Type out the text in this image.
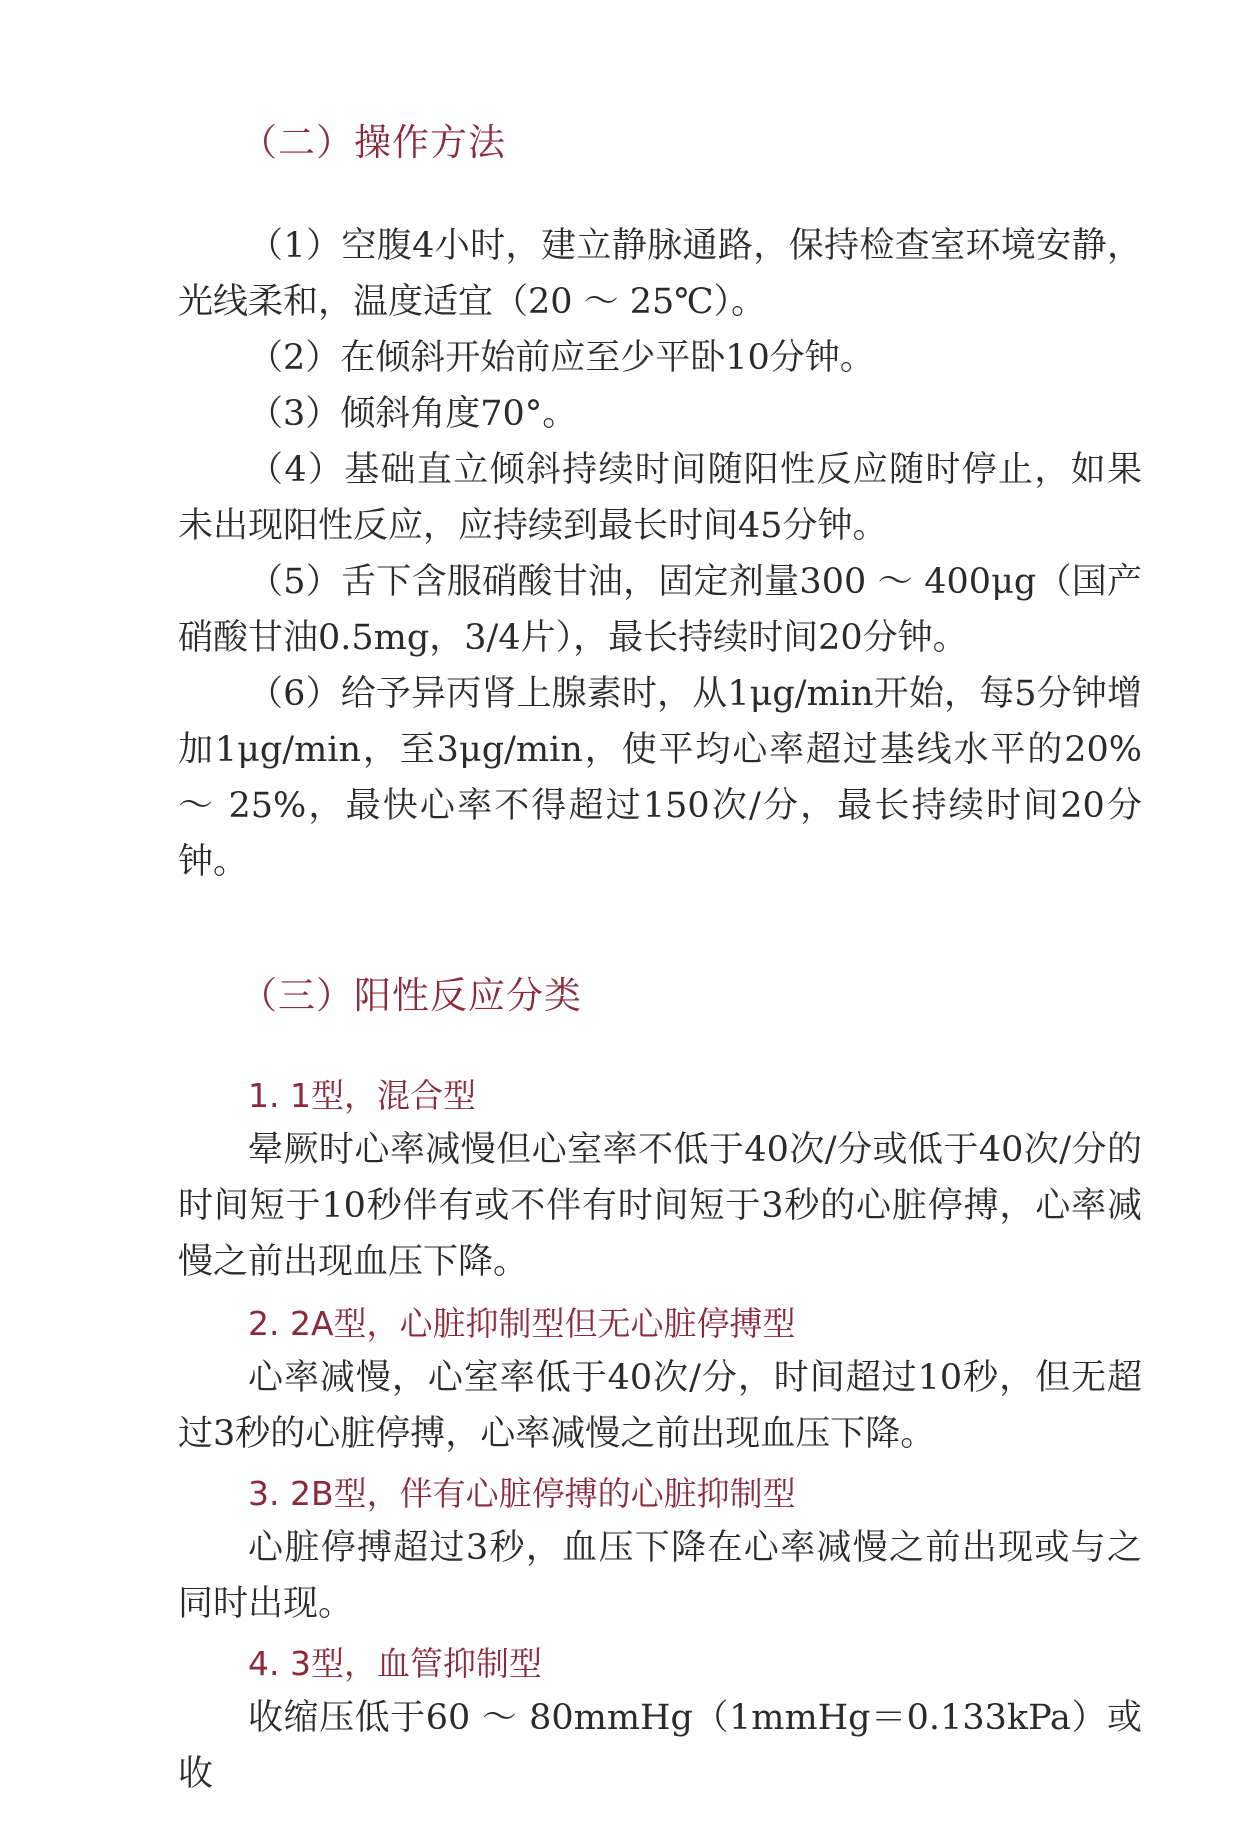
（二）操作方法

（1）空腹4小时，建立静脉通路，保持检查室环境安静，光线柔和，温度适宜（20 ～ 25℃）。

（2）在倾斜开始前应至少平卧10分钟。

（3）倾斜角度70°。

（4）基础直立倾斜持续时间随阳性反应随时停止，如果未出现阳性反应，应持续到最长时间45分钟。

（5）舌下含服硝酸甘油，固定剂量300 ～ 400μg（国产硝酸甘油0.5mg，3/4片），最长持续时间20分钟。

（6）给予异丙肾上腺素时，从1μg/min开始，每5分钟增加1μg/min，至3μg/min，使平均心率超过基线水平的20% ～ 25%，最快心率不得超过150次/分，最长持续时间20分钟。

（三）阳性反应分类
1. 1型，混合型

晕厥时心率减慢但心室率不低于40次/分或低于40次/分的时间短于10秒伴有或不伴有时间短于3秒的心脏停搏，心率减慢之前出现血压下降。

2. 2A型，心脏抑制型但无心脏停搏型

心率减慢，心室率低于40次/分，时间超过10秒，但无超过3秒的心脏停搏，心率减慢之前出现血压下降。

3. 2B型，伴有心脏停搏的心脏抑制型

心脏停搏超过3秒，血压下降在心率减慢之前出现或与之同时出现。

4. 3型，血管抑制型

收缩压低于60 ～ 80mmHg（1mmHg＝0.133kPa）或收
